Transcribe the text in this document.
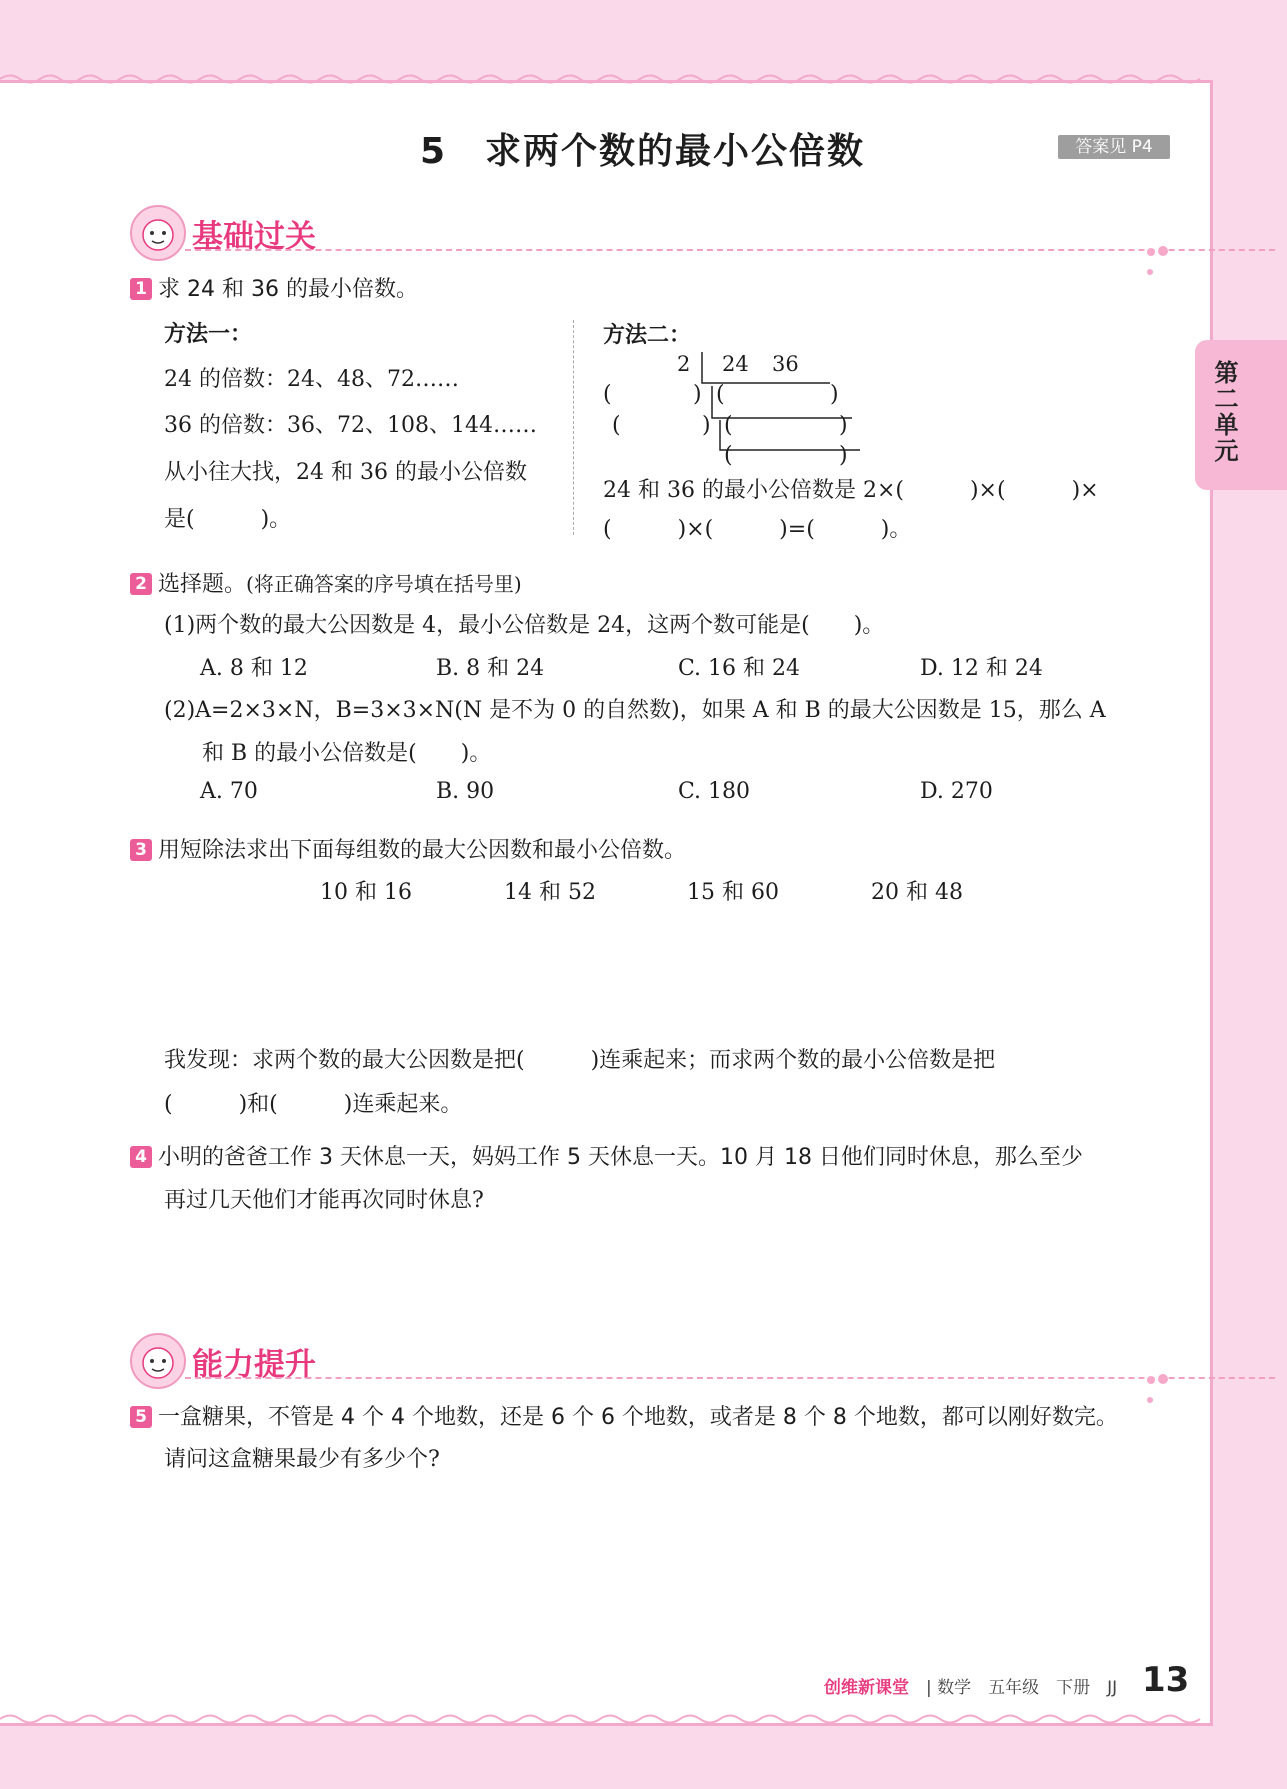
5　求两个数的最小公倍数	答案见 P4
第二单元
基础过关
1 求 24 和 36 的最小倍数。
方法一：
24 的倍数：24、48、72……
36 的倍数：36、72、108、144……
从小往大找，24 和 36 的最小公倍数
是(　　　)。
方法二：
2 24 36
(	) (	)
(	) (	)
(	)
24 和 36 的最小公倍数是 2×(　　　)×(　　　)×
(　　　)×(　　　)=(　　　)。
2 选择题。(将正确答案的序号填在括号里)
(1)两个数的最大公因数是 4，最小公倍数是 24，这两个数可能是(　　)。
A. 8 和 12	B. 8 和 24	C. 16 和 24	D. 12 和 24
(2)A=2×3×N，B=3×3×N(N 是不为 0 的自然数)，如果 A 和 B 的最大公因数是 15，那么 A
和 B 的最小公倍数是(　　)。
A. 70	B. 90	C. 180	D. 270
3 用短除法求出下面每组数的最大公因数和最小公倍数。
10 和 16	14 和 52	15 和 60	20 和 48
我发现：求两个数的最大公因数是把(　　　)连乘起来；而求两个数的最小公倍数是把
(　　　)和(　　　)连乘起来。
4 小明的爸爸工作 3 天休息一天，妈妈工作 5 天休息一天。10 月 18 日他们同时休息，那么至少
再过几天他们才能再次同时休息?
能力提升
5 一盒糖果，不管是 4 个 4 个地数，还是 6 个 6 个地数，或者是 8 个 8 个地数，都可以刚好数完。
请问这盒糖果最少有多少个?
创维新课堂 | 数学　五年级　下册　JJ 13
